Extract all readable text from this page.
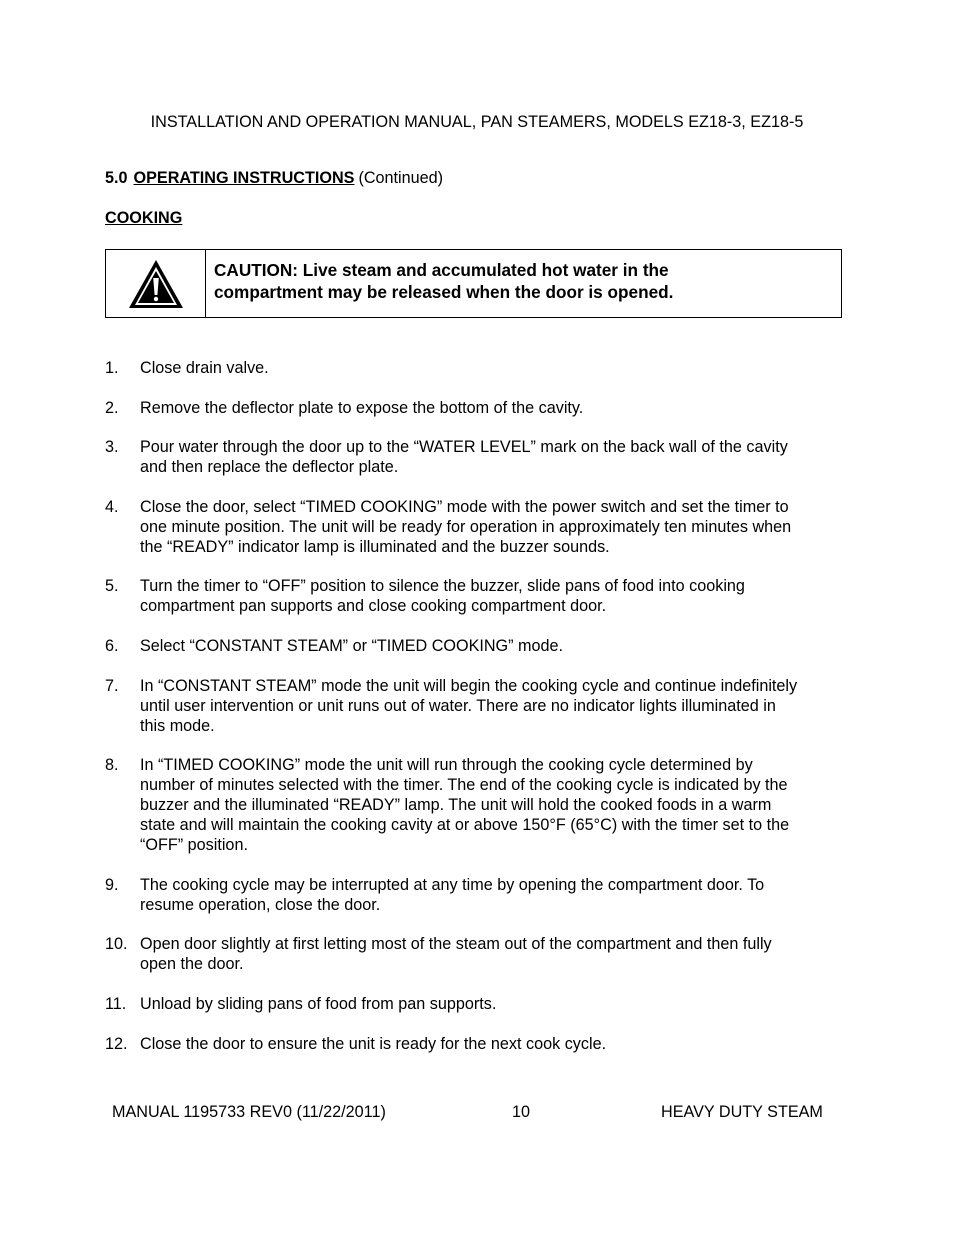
INSTALLATION AND OPERATION MANUAL, PAN STEAMERS, MODELS EZ18-3, EZ18-5
5.0 OPERATING INSTRUCTIONS (Continued)
COOKING
CAUTION: Live steam and accumulated hot water in the
compartment may be released when the door is opened.
1.	Close drain valve.
2.	Remove the deflector plate to expose the bottom of the cavity.
3.	Pour water through the door up to the “WATER LEVEL” mark on the back wall of the cavity
and then replace the deflector plate.
4.	Close the door, select “TIMED COOKING” mode with the power switch and set the timer to
one minute position. The unit will be ready for operation in approximately ten minutes when
the “READY” indicator lamp is illuminated and the buzzer sounds.
5.	Turn the timer to “OFF” position to silence the buzzer, slide pans of food into cooking
compartment pan supports and close cooking compartment door.
6.	Select “CONSTANT STEAM” or “TIMED COOKING” mode.
7.	In “CONSTANT STEAM” mode the unit will begin the cooking cycle and continue indefinitely
until user intervention or unit runs out of water. There are no indicator lights illuminated in
this mode.
8.	In “TIMED COOKING” mode the unit will run through the cooking cycle determined by
number of minutes selected with the timer. The end of the cooking cycle is indicated by the
buzzer and the illuminated “READY” lamp. The unit will hold the cooked foods in a warm
state and will maintain the cooking cavity at or above 150°F (65°C) with the timer set to the
“OFF” position.
9.	The cooking cycle may be interrupted at any time by opening the compartment door. To
resume operation, close the door.
10. Open door slightly at first letting most of the steam out of the compartment and then fully
open the door.
11. Unload by sliding pans of food from pan supports.
12. Close the door to ensure the unit is ready for the next cook cycle.
MANUAL 1195733 REV0 (11/22/2011)	10	HEAVY DUTY STEAM
